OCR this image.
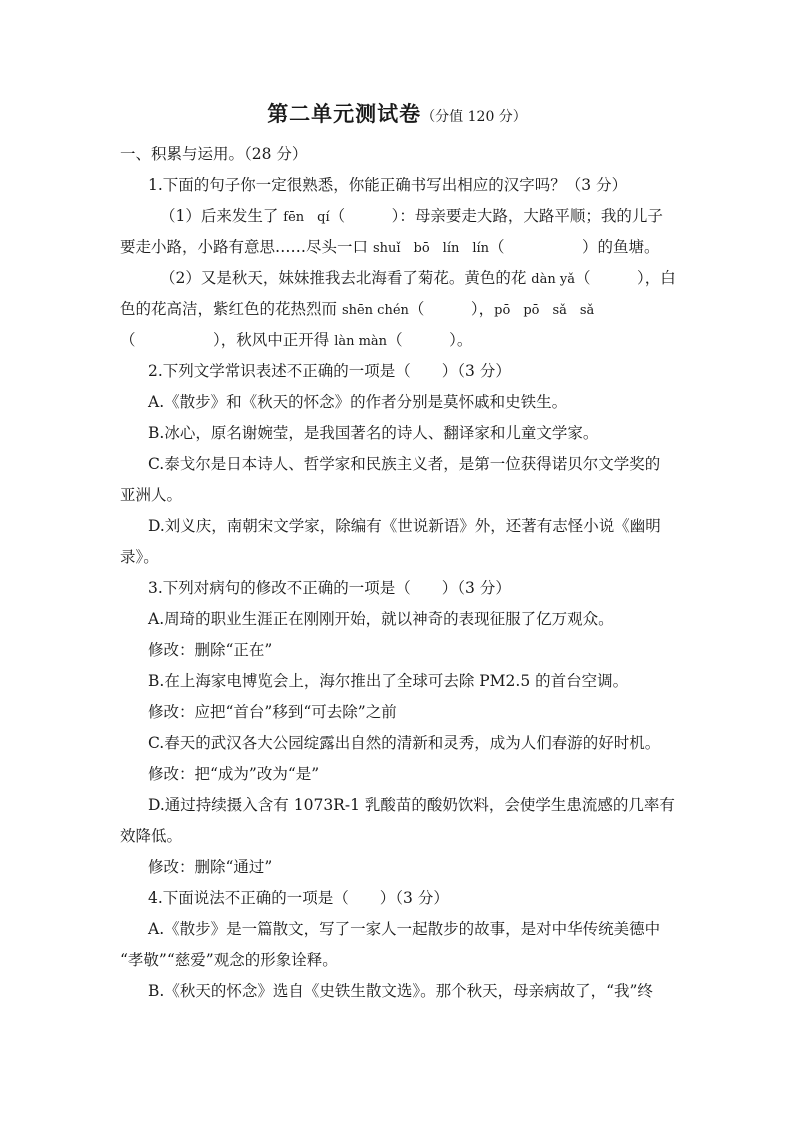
第二单元测试卷（分值 120 分）
一、积累与运用。（28 分）
1.下面的句子你一定很熟悉，你能正确书写出相应的汉字吗？（3 分）
（1）后来发生了 fēn　qí（　　　）：母亲要走大路，大路平顺；我的儿子
要走小路，小路有意思……尽头一口 shuǐ　bō　lín　lín（　　　　　）的鱼塘。
（2）又是秋天，妹妹推我去北海看了菊花。黄色的花 dàn yǎ（　　　），白
色的花高洁，紫红色的花热烈而 shēn chén（　　　），pō　pō　sǎ　sǎ
（　　　　　），秋风中正开得 làn màn（　　　）。
2.下列文学常识表述不正确的一项是（　　）（3 分）
A.《散步》和《秋天的怀念》的作者分别是莫怀戚和史铁生。
B.冰心，原名谢婉莹，是我国著名的诗人、翻译家和儿童文学家。
C.泰戈尔是日本诗人、哲学家和民族主义者，是第一位获得诺贝尔文学奖的
亚洲人。
D.刘义庆，南朝宋文学家，除编有《世说新语》外，还著有志怪小说《幽明
录》。
3.下列对病句的修改不正确的一项是（　　）（3 分）
A.周琦的职业生涯正在刚刚开始，就以神奇的表现征服了亿万观众。
修改：删除“正在”
B.在上海家电博览会上，海尔推出了全球可去除 PM2.5 的首台空调。
修改：应把“首台”移到“可去除”之前
C.春天的武汉各大公园绽露出自然的清新和灵秀，成为人们春游的好时机。
修改：把“成为”改为“是”
D.通过持续摄入含有 1073R-1 乳酸苗的酸奶饮料，会使学生患流感的几率有
效降低。
修改：删除“通过”
4.下面说法不正确的一项是（　　）（3 分）
A.《散步》是一篇散文，写了一家人一起散步的故事，是对中华传统美德中
“孝敬”“慈爱”观念的形象诠释。
B.《秋天的怀念》选自《史铁生散文选》。那个秋天，母亲病故了，“我”终
